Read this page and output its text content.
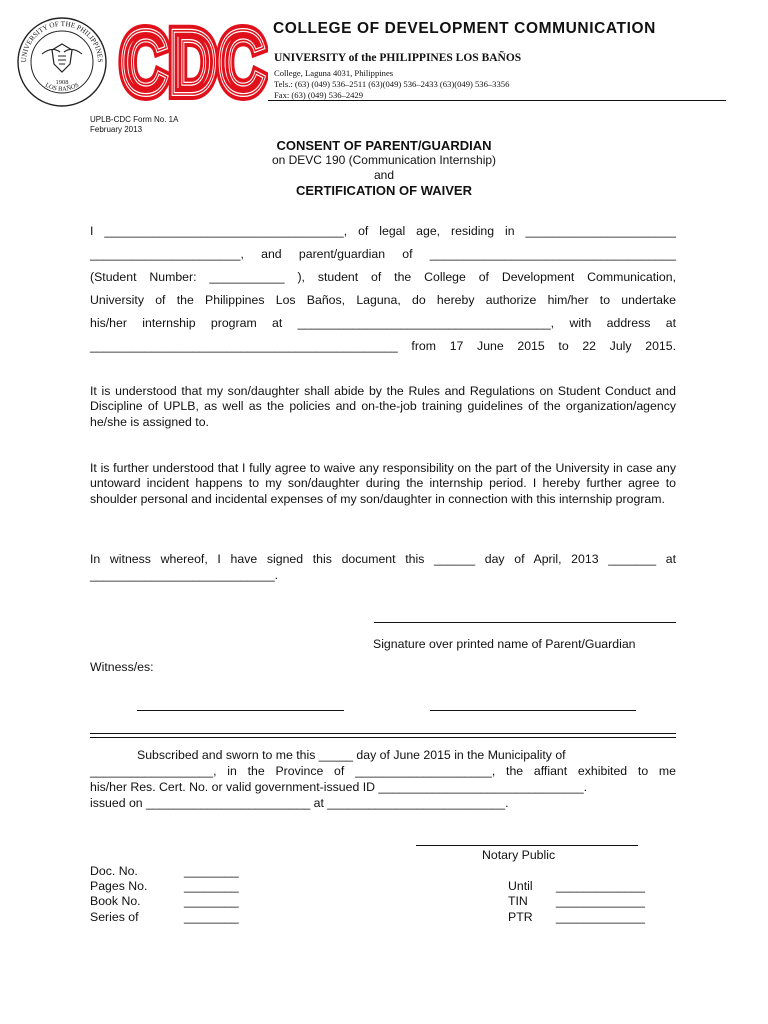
UNIVERSITY OF THE PHILIPPINES
LOS BAÑOS
1908 CDC
CDC
CDC COLLEGE OF DEVELOPMENT COMMUNICATION
UNIVERSITY of the PHILIPPINES LOS BAÑOS
College, Laguna 4031, Philippines
Tels.: (63) (049) 536–2511 (63)(049) 536–2433 (63)(049) 536–3356
Fax: (63) (049) 536–2429
UPLB-CDC Form No. 1A
February 2013
CONSENT OF PARENT/GUARDIAN
on DEVC 190 (Communication Internship)
and
CERTIFICATION OF WAIVER
I ___________________________________, of legal age, residing in ______________________
______________________, and parent/guardian of ____________________________________
(Student Number: ___________ ), student of the College of Development Communication,
University of the Philippines Los Baños, Laguna, do hereby authorize him/her to undertake
his/her internship program at _____________________________________, with address at
_____________________________________________ from 17 June 2015 to 22 July 2015.
It is understood that my son/daughter shall abide by the Rules and Regulations on Student Conduct and Discipline of UPLB, as well as the policies and on-the-job training guidelines of the organization/agency he/she is assigned to.
It is further understood that I fully agree to waive any responsibility on the part of the University in case any untoward incident happens to my son/daughter during the internship period. I hereby further agree to shoulder personal and incidental expenses of my son/daughter in connection with this internship program.
In witness whereof, I have signed this document this ______ day of April, 2013 _______ at
___________________________.
Signature over printed name of Parent/Guardian
Witness/es:
Subscribed and sworn to me this _____ day of June 2015 in the Municipality of
__________________, in the Province of ____________________, the affiant exhibited to me
his/her Res. Cert. No. or valid government-issued ID ______________________________.
issued on ________________________ at __________________________.
Notary Public
Doc. No.
Pages No.
Book No.
Series of
________
________
________
________
Until
TIN
PTR
_____________
_____________
_____________
